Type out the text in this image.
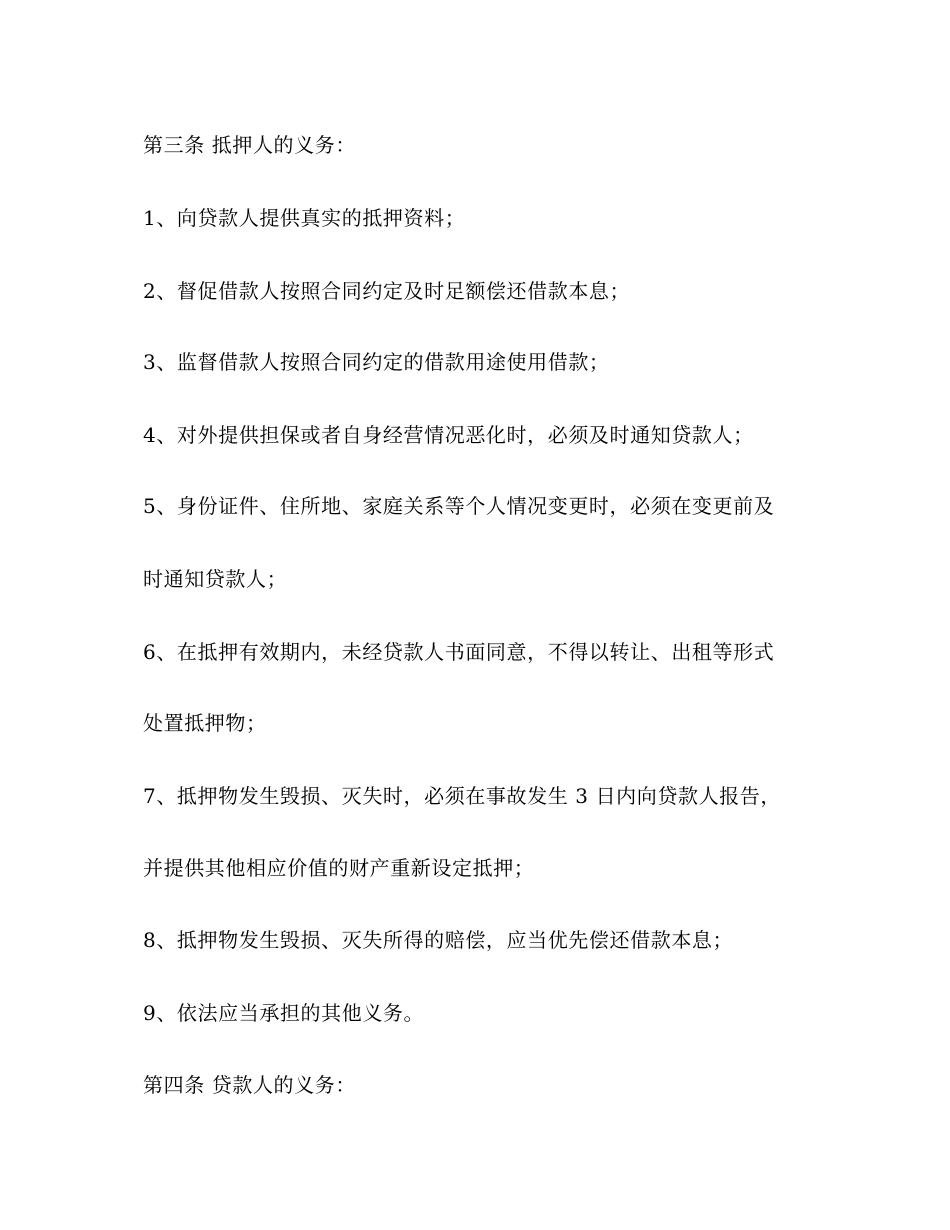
第三条 抵押人的义务：
1、向贷款人提供真实的抵押资料；
2、督促借款人按照合同约定及时足额偿还借款本息；
3、监督借款人按照合同约定的借款用途使用借款；
4、对外提供担保或者自身经营情况恶化时，必须及时通知贷款人；
5、身份证件、住所地、家庭关系等个人情况变更时，必须在变更前及
时通知贷款人；
6、在抵押有效期内，未经贷款人书面同意，不得以转让、出租等形式
处置抵押物；
7、抵押物发生毁损、灭失时，必须在事故发生 3 日内向贷款人报告，
并提供其他相应价值的财产重新设定抵押；
8、抵押物发生毁损、灭失所得的赔偿，应当优先偿还借款本息；
9、依法应当承担的其他义务。
第四条 贷款人的义务：
